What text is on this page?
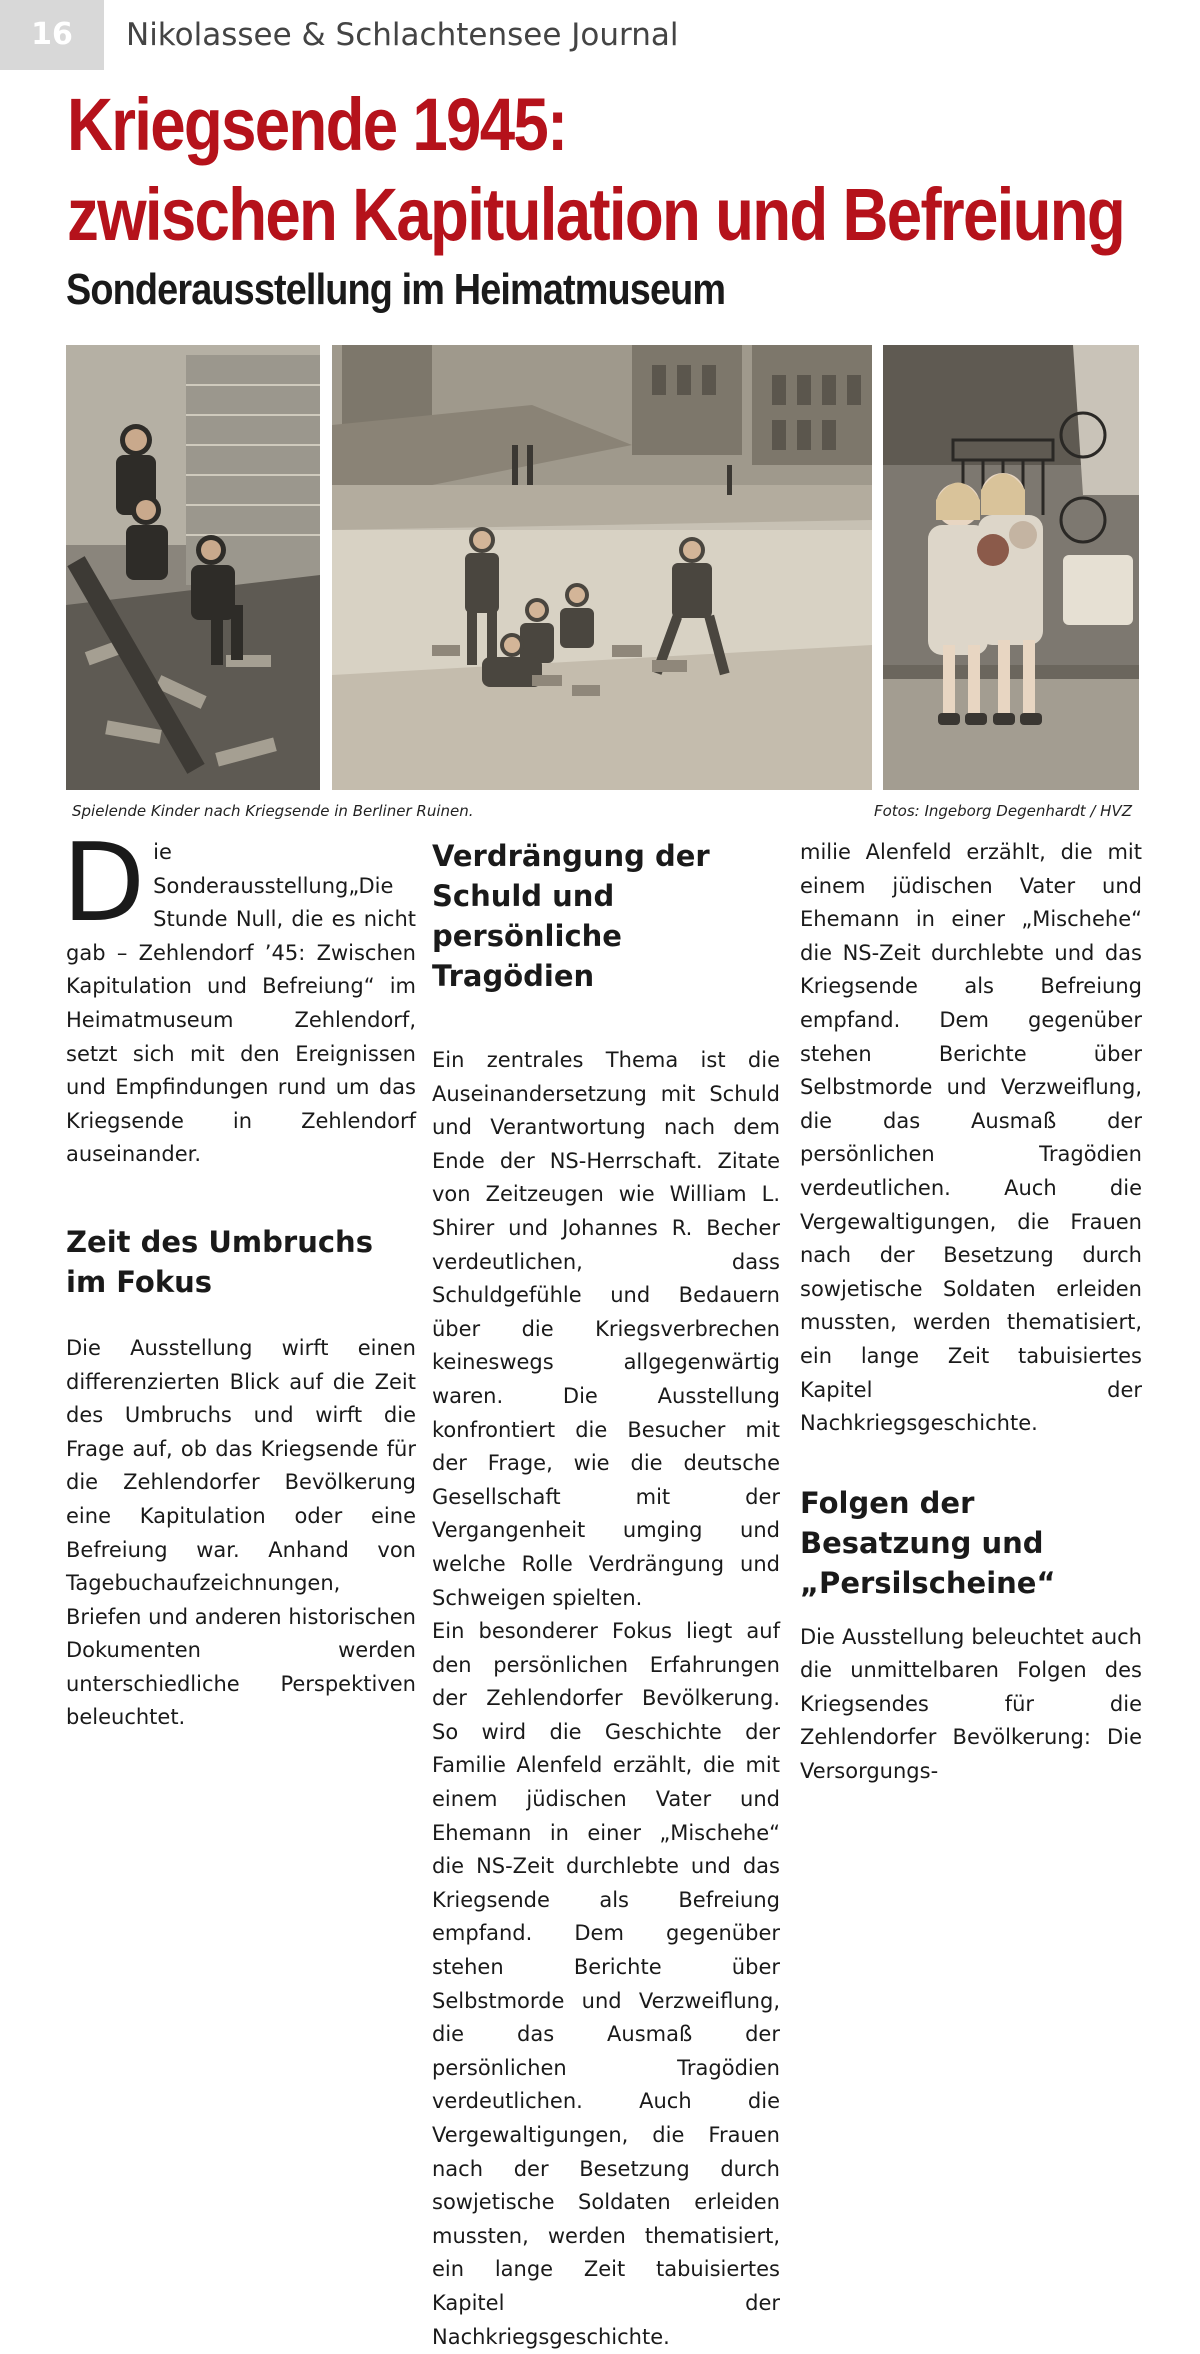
16	Nikolassee & Schlachtensee Journal
Kriegsende 1945:
zwischen Kapitulation und Befreiung
Sonderausstellung im Heimatmuseum
Spielende Kinder nach Kriegsende in Berliner Ruinen.	Fotos: Ingeborg Degenhardt / HVZ

Die Sonderausstellung„Die Stunde Null, die es nicht gab – Zehlendorf ’45: Zwischen Kapitulation und Befreiung“ im Heimatmuseum Zehlendorf, setzt sich mit den Ereignissen und Empfindungen rund um das Kriegsende in Zehlendorf auseinander.

Zeit des Umbruchs im Fokus

Die Ausstellung wirft einen differenzierten Blick auf die Zeit des Umbruchs und wirft die Frage auf, ob das Kriegsende für die Zehlendorfer Bevölkerung eine Kapitulation oder eine Befreiung war. Anhand von Tagebuchaufzeichnungen, Briefen und anderen historischen Dokumenten werden unterschiedliche Perspektiven beleuchtet.

Verdrängung der Schuld und persönliche Tragödien

Ein zentrales Thema ist die Auseinandersetzung mit Schuld und Verantwortung nach dem Ende der NS-Herrschaft. Zitate von Zeitzeugen wie William L. Shirer und Johannes R. Becher verdeutlichen, dass Schuldgefühle und Bedauern über die Kriegsverbrechen keineswegs allgegenwärtig waren. Die Ausstellung konfrontiert die Besucher mit der Frage, wie die deutsche Gesellschaft mit der Vergangenheit umging und welche Rolle Verdrängung und Schweigen spielten.

Ein besonderer Fokus liegt auf den persönlichen Erfahrungen der Zehlendorfer Bevölkerung. So wird die Geschichte der Familie Alenfeld erzählt, die mit einem jüdischen Vater und Ehemann in einer „Mischehe“ die NS-Zeit durchlebte und das Kriegsende als Befreiung empfand. Dem gegenüber stehen Berichte über Selbstmorde und Verzweiflung, die das Ausmaß der persönlichen Tragödien verdeutlichen. Auch die Vergewaltigungen, die Frauen nach der Besetzung durch sowjetische Soldaten erleiden mussten, werden thematisiert, ein lange Zeit tabuisiertes Kapitel der Nachkriegsgeschichte.

milie Alenfeld erzählt, die mit einem jüdischen Vater und Ehemann in einer „Mischehe“ die NS-Zeit durchlebte und das Kriegsende als Befreiung empfand. Dem gegenüber stehen Berichte über Selbstmorde und Verzweiflung, die das Ausmaß der persönlichen Tragödien verdeutlichen. Auch die Vergewaltigungen, die Frauen nach der Besetzung durch sowjetische Soldaten erleiden mussten, werden thematisiert, ein lange Zeit tabuisiertes Kapitel der Nachkriegsgeschichte.

Folgen der Besatzung und „Persilscheine“

Die Ausstellung beleuchtet auch die unmittelbaren Folgen des Kriegsendes für die Zehlendorfer Bevölkerung: Die Versorgungs-
